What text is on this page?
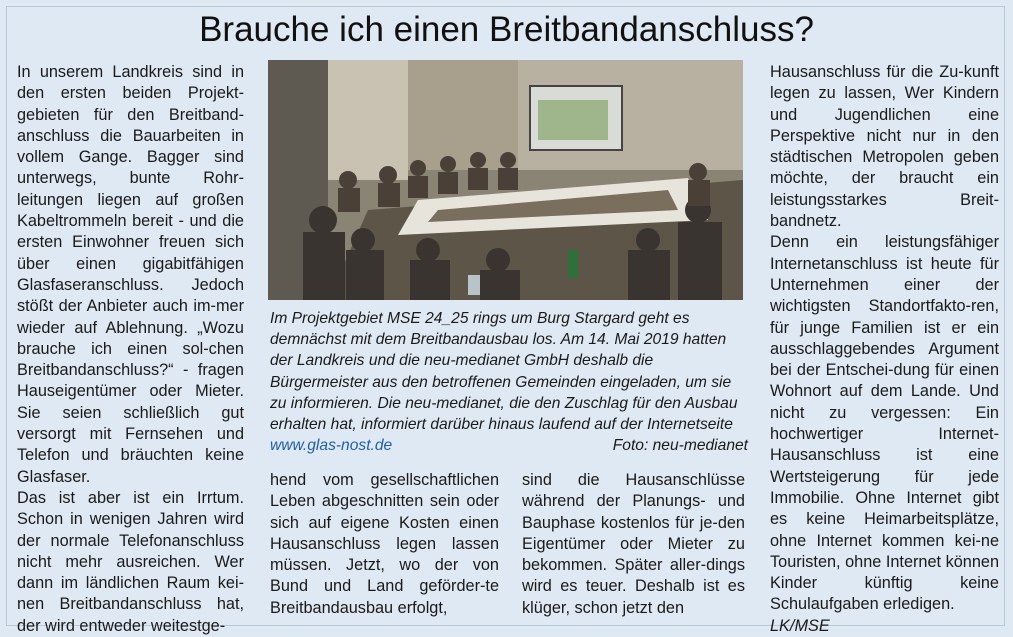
Brauche ich einen Breitbandanschluss?

In unserem Landkreis sind in den ersten beiden Projekt-gebieten für den Breitband-anschluss die Bauarbeiten in vollem Gange. Bagger sind unterwegs, bunte Rohr-leitungen liegen auf großen Kabeltrommeln bereit - und die ersten Einwohner freuen sich über einen gigabitfähigen Glasfaseranschluss. Jedoch stößt der Anbieter auch im-mer wieder auf Ablehnung. „Wozu brauche ich einen sol-chen Breitbandanschluss?“ - fragen Hauseigentümer oder Mieter. Sie seien schließlich gut versorgt mit Fernsehen und Telefon und bräuchten keine Glasfaser.

Das ist aber ist ein Irrtum. Schon in wenigen Jahren wird der normale Telefonanschluss nicht mehr ausreichen. Wer dann im ländlichen Raum kei-nen Breitbandanschluss hat, der wird entweder weitestge-

Im Projektgebiet MSE 24_25 rings um Burg Stargard geht es demnächst mit dem Breitbandausbau los. Am 14. Mai 2019 hatten der Landkreis und die neu-medianet GmbH deshalb die Bürgermeister aus den betroffenen Gemeinden eingeladen, um sie zu informieren. Die neu-medianet, die den Zuschlag für den Ausbau erhalten hat, informiert darüber hinaus laufend auf der Internetseite www.glas-nost.de	Foto: neu-medianet

hend vom gesellschaftlichen Leben abgeschnitten sein oder sich auf eigene Kosten einen Hausanschluss legen lassen müssen. Jetzt, wo der von Bund und Land geförder-te Breitbandausbau erfolgt,

sind die Hausanschlüsse während der Planungs- und Bauphase kostenlos für je-den Eigentümer oder Mieter zu bekommen. Später aller-dings wird es teuer. Deshalb ist es klüger, schon jetzt den

Hausanschluss für die Zu-kunft legen zu lassen, Wer Kindern und Jugendlichen eine Perspektive nicht nur in den städtischen Metropolen geben möchte, der braucht ein leistungsstarkes Breit-bandnetz.

Denn ein leistungsfähiger Internetanschluss ist heute für Unternehmen einer der wichtigsten Standortfakto-ren, für junge Familien ist er ein ausschlaggebendes Argument bei der Entschei-dung für einen Wohnort auf dem Lande. Und nicht zu vergessen: Ein hochwertiger Internet-Hausanschluss ist eine Wertsteigerung für jede Immobilie. Ohne Internet gibt es keine Heimarbeitsplätze, ohne Internet kommen kei-ne Touristen, ohne Internet können Kinder künftig keine Schulaufgaben erledigen.

LK/MSE
